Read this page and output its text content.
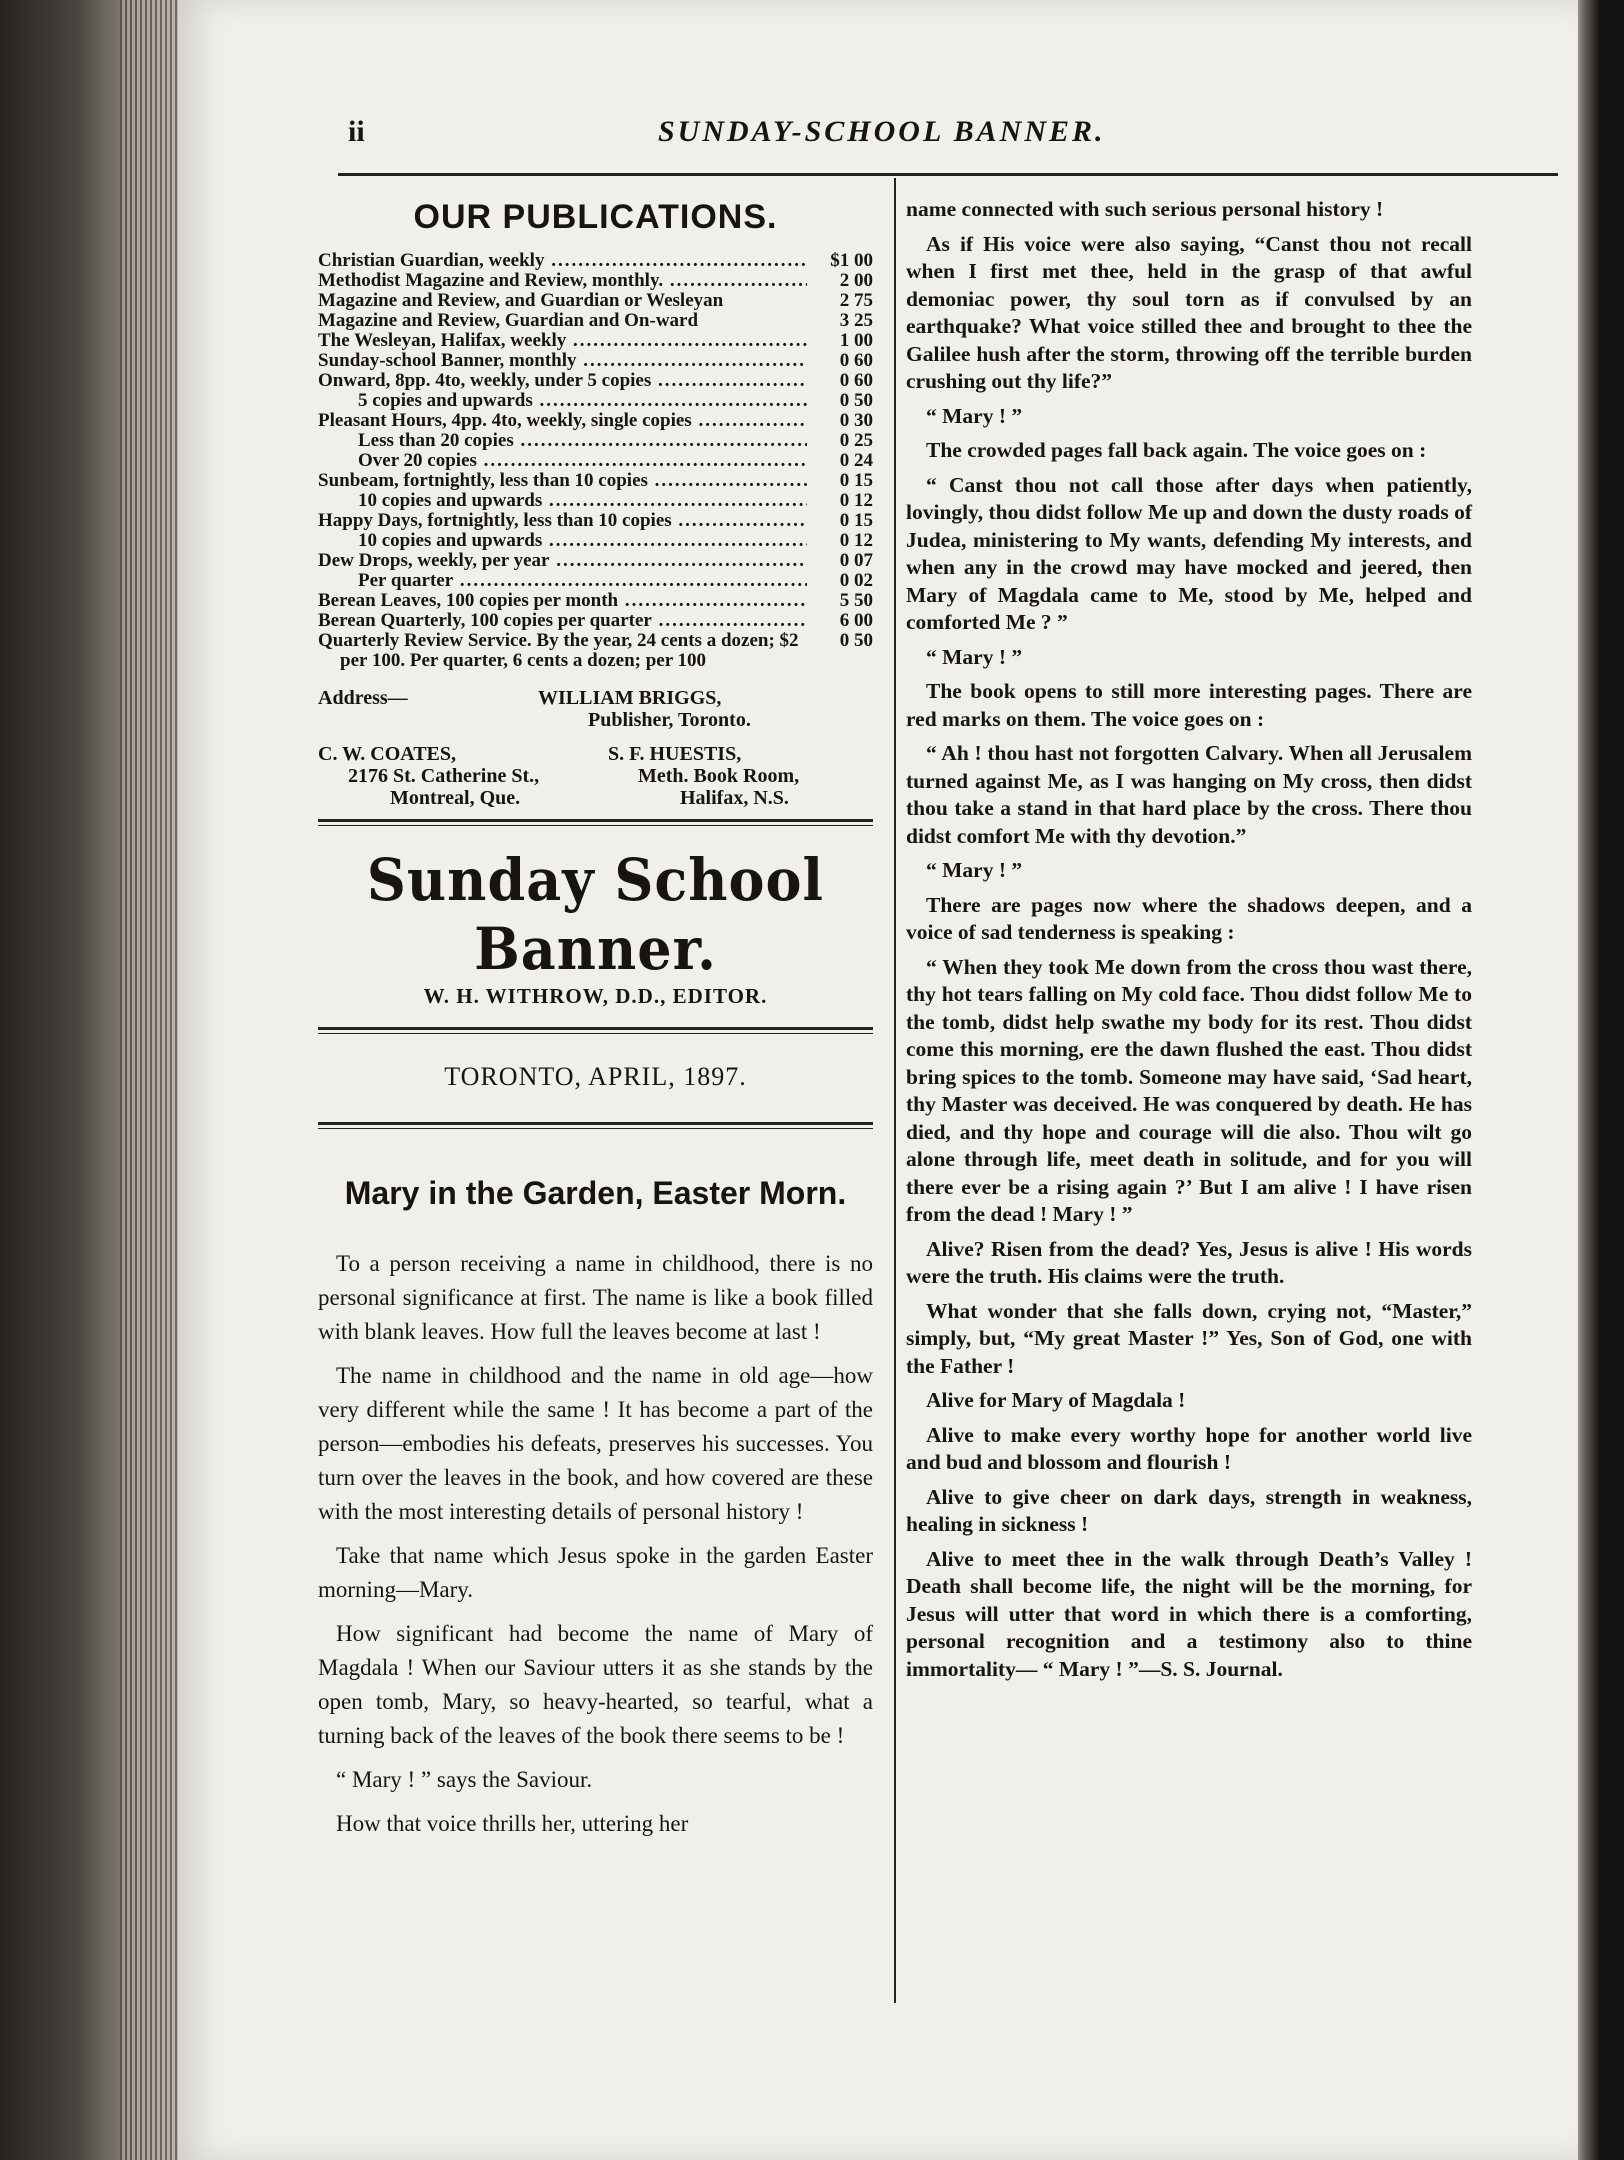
ii	SUNDAY-SCHOOL BANNER.
OUR PUBLICATIONS.
Christian Guardian, weekly .....	$1 00
Methodist Magazine and Review, monthly. .....	2 00
Magazine and Review, and Guardian or Wesleyan	2 75
Magazine and Review, Guardian and On-ward	3 25
The Wesleyan, Halifax, weekly .....	1 00
Sunday-school Banner, monthly .....	0 60
Onward, 8pp. 4to, weekly, under 5 copies .....	0 60
5 copies and upwards .....	0 50
Pleasant Hours, 4pp. 4to, weekly, single copies .....	0 30
Less than 20 copies .....	0 25
Over 20 copies .....	0 24
Sunbeam, fortnightly, less than 10 copies .....	0 15
10 copies and upwards .....	0 12
Happy Days, fortnightly, less than 10 copies .....	0 15
10 copies and upwards .....	0 12
Dew Drops, weekly, per year .....	0 07
Per quarter .....	0 02
Berean Leaves, 100 copies per month .....	5 50
Berean Quarterly, 100 copies per quarter .....	6 00
Quarterly Review Service. By the year, 24 cents a dozen; $2 per 100. Per quarter, 6 cents a dozen; per 100
0 50
Address—	WILLIAM BRIGGS,
Publisher, Toronto.
C. W. COATES,
2176 St. Catherine St.,
Montreal, Que.
S. F. HUESTIS,
Meth. Book Room,
Halifax, N.S.
Sunday School Banner.
W. H. WITHROW, D.D., EDITOR.
TORONTO, APRIL, 1897.
Mary in the Garden, Easter Morn.

To a person receiving a name in childhood, there is no personal significance at first. The name is like a book filled with blank leaves. How full the leaves become at last !

The name in childhood and the name in old age—how very different while the same ! It has become a part of the person—embodies his defeats, preserves his successes. You turn over the leaves in the book, and how covered are these with the most interesting details of personal history !

Take that name which Jesus spoke in the garden Easter morning—Mary.

How significant had become the name of Mary of Magdala ! When our Saviour utters it as she stands by the open tomb, Mary, so heavy-hearted, so tearful, what a turning back of the leaves of the book there seems to be !

“ Mary ! ” says the Saviour.

How that voice thrills her, uttering her

name connected with such serious personal history !

As if His voice were also saying, “Canst thou not recall when I first met thee, held in the grasp of that awful demoniac power, thy soul torn as if convulsed by an earthquake? What voice stilled thee and brought to thee the Galilee hush after the storm, throwing off the terrible burden crushing out thy life?”

“ Mary ! ”

The crowded pages fall back again. The voice goes on :

“ Canst thou not call those after days when patiently, lovingly, thou didst follow Me up and down the dusty roads of Judea, ministering to My wants, defending My interests, and when any in the crowd may have mocked and jeered, then Mary of Magdala came to Me, stood by Me, helped and comforted Me ? ”

“ Mary ! ”

The book opens to still more interesting pages. There are red marks on them. The voice goes on :

“ Ah ! thou hast not forgotten Calvary. When all Jerusalem turned against Me, as I was hanging on My cross, then didst thou take a stand in that hard place by the cross. There thou didst comfort Me with thy devotion.”

“ Mary ! ”

There are pages now where the shadows deepen, and a voice of sad tenderness is speaking :

“ When they took Me down from the cross thou wast there, thy hot tears falling on My cold face. Thou didst follow Me to the tomb, didst help swathe my body for its rest. Thou didst come this morning, ere the dawn flushed the east. Thou didst bring spices to the tomb. Someone may have said, ‘Sad heart, thy Master was deceived. He was conquered by death. He has died, and thy hope and courage will die also. Thou wilt go alone through life, meet death in solitude, and for you will there ever be a rising again ?’ But I am alive ! I have risen from the dead ! Mary ! ”

Alive? Risen from the dead? Yes, Jesus is alive ! His words were the truth. His claims were the truth.

What wonder that she falls down, crying not, “Master,” simply, but, “My great Master !” Yes, Son of God, one with the Father !

Alive for Mary of Magdala !

Alive to make every worthy hope for another world live and bud and blossom and flourish !

Alive to give cheer on dark days, strength in weakness, healing in sickness !

Alive to meet thee in the walk through Death’s Valley ! Death shall become life, the night will be the morning, for Jesus will utter that word in which there is a comforting, personal recognition and a testimony also to thine immortality— “ Mary ! ”—S. S. Journal.
